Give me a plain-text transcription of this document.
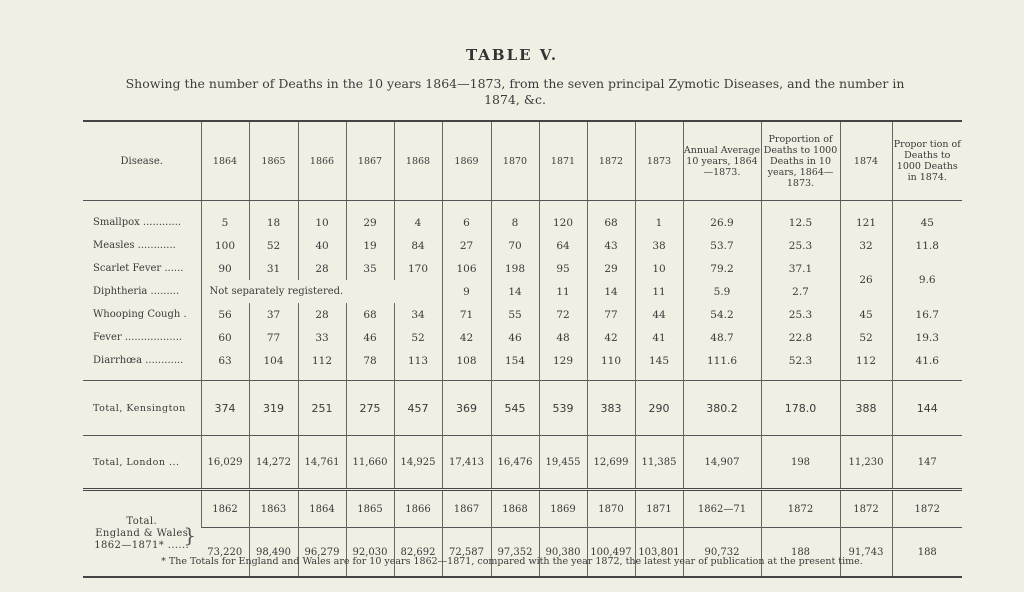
TABLE V.
Showing the number of Deaths in the 10 years 1864—1873, from the seven principal Zymotic Diseases, and the number in 1874, &c.
Disease.	1864	1865	1866	1867	1868	1869	1870	1871	1872	1873	Annual Average 10 years, 1864—1873.	Proportion of Deaths to 1000 Deaths in 10 years, 1864—1873.	1874	Propor tion of Deaths to 1000 Deaths in 1874.
Smallpox ............	5	18	10	29	4	6	8	120	68	1	26.9	12.5	121	45
Measles ............	100	52	40	19	84	27	70	64	43	38	53.7	25.3	32	11.8
Scarlet Fever ......	90	31	28	35	170	106	198	95	29	10	79.2	37.1	26	9.6
Diphtheria .........	Not separately registered.					9	14	11	14	11	5.9	2.7		
Whooping Cough .	56	37	28	68	34	71	55	72	77	44	54.2	25.3	45	16.7
Fever ..................	60	77	33	46	52	42	46	48	42	41	48.7	22.8	52	19.3
Diarrhœa ............	63	104	112	78	113	108	154	129	110	145	111.6	52.3	112	41.6

Total, Kensington	374	319	251	275	457	369	545	539	383	290	380.2	178.0	388	144
Total, London ...	16,029	14,272	14,761	11,660	14,925	17,413	16,476	19,455	12,699	11,385	14,907	198	11,230	147

Total.
England & Wales
1862—1871* ......
}	1862	1863	1864	1865	1866	1867	1868	1869	1870	1871	1862—71	1872	1872	1872
	73,220	98,490	96,279	92,030	82,692	72,587	97,352	90,380	100,497	103,801	90,732	188	91,743	188
* The Totals for England and Wales are for 10 years 1862—1871, compared with the year 1872, the latest year of publication at the present time.
